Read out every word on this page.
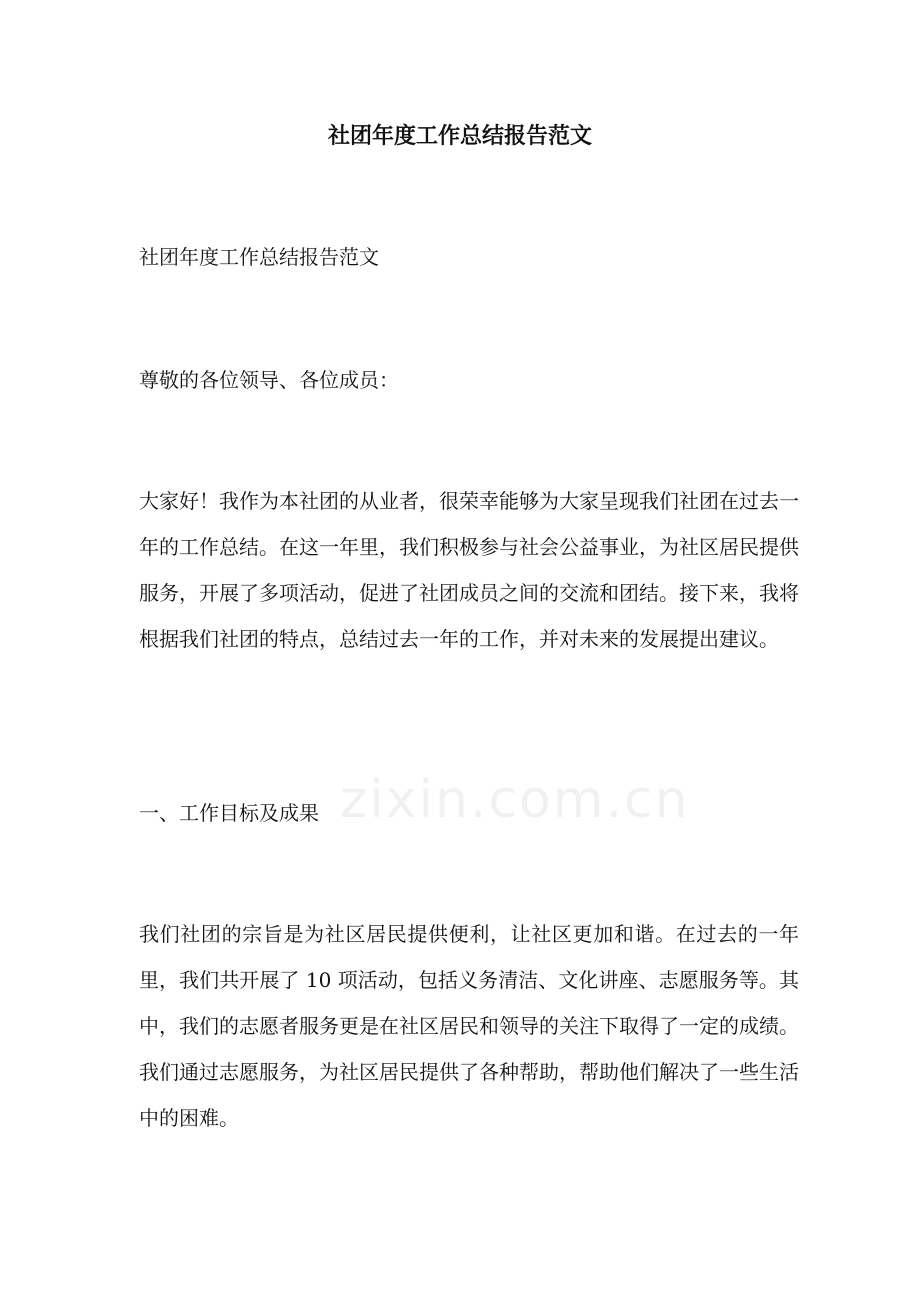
社团年度工作总结报告范文

社团年度工作总结报告范文

尊敬的各位领导、各位成员：

大家好！我作为本社团的从业者，很荣幸能够为大家呈现我们社团在过去一年的工作总结。在这一年里，我们积极参与社会公益事业，为社区居民提供服务，开展了多项活动，促进了社团成员之间的交流和团结。接下来，我将根据我们社团的特点，总结过去一年的工作，并对未来的发展提出建议。

一、工作目标及成果

我们社团的宗旨是为社区居民提供便利，让社区更加和谐。在过去的一年里，我们共开展了 10 项活动，包括义务清洁、文化讲座、志愿服务等。其中，我们的志愿者服务更是在社区居民和领导的关注下取得了一定的成绩。我们通过志愿服务，为社区居民提供了各种帮助，帮助他们解决了一些生活中的困难。

zixin.com.cn
